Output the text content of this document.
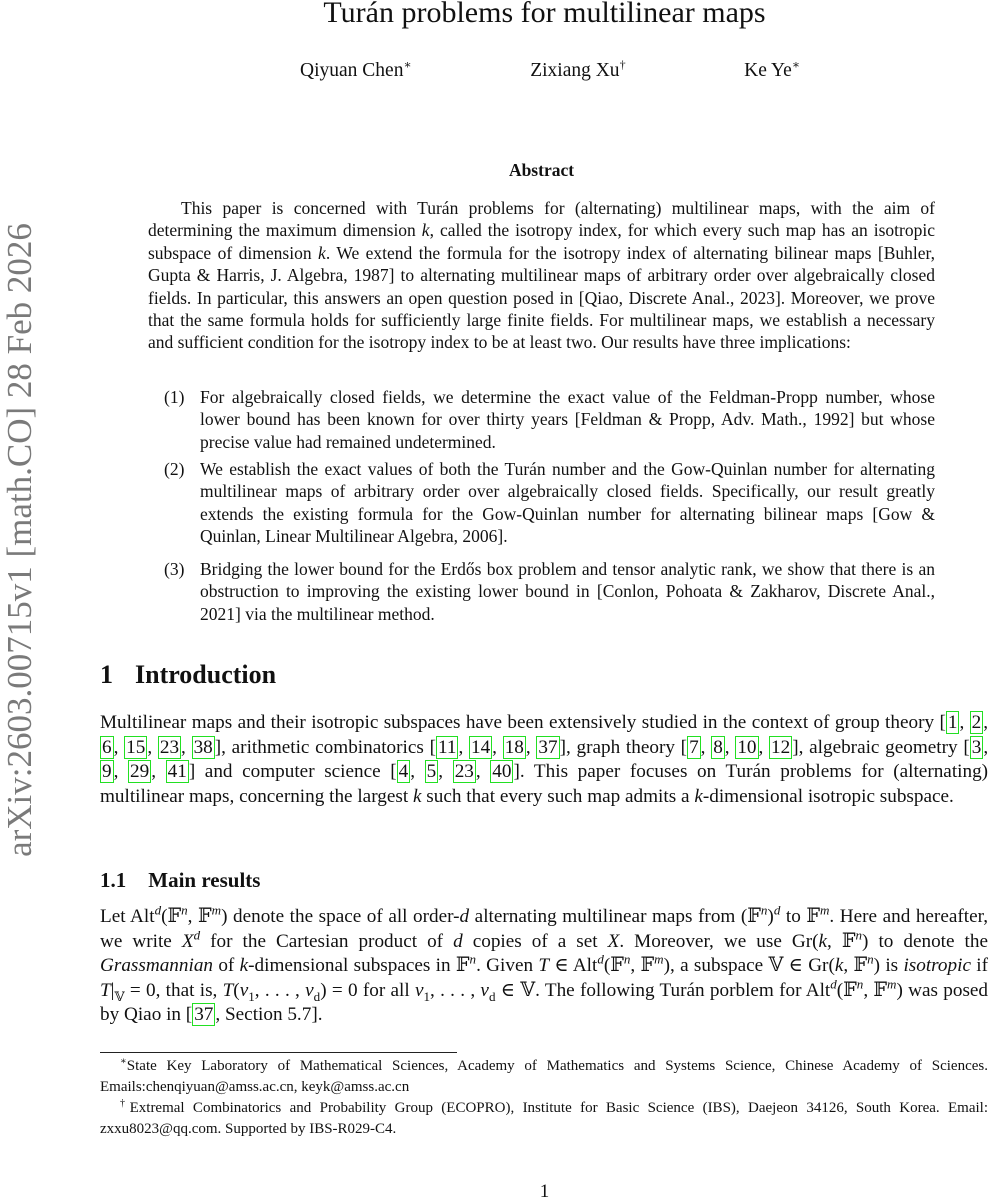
arXiv:2603.00715v1 [math.CO] 28 Feb 2026
Turán problems for multilinear maps
Qiyuan Chen∗	Zixiang Xu†	Ke Ye∗
Abstract
This paper is concerned with Turán problems for (alternating) multilinear maps, with the aim of determining the maximum dimension k, called the isotropy index, for which every such map has an isotropic subspace of dimension k. We extend the formula for the isotropy index of alternating bilinear maps [Buhler, Gupta & Harris, J. Algebra, 1987] to alternating multilinear maps of arbitrary order over algebraically closed fields. In particular, this answers an open question posed in [Qiao, Discrete Anal., 2023]. Moreover, we prove that the same formula holds for sufficiently large finite fields. For multilinear maps, we establish a necessary and sufficient condition for the isotropy index to be at least two. Our results have three implications:
(1) For algebraically closed fields, we determine the exact value of the Feldman-Propp number, whose lower bound has been known for over thirty years [Feldman & Propp, Adv. Math., 1992] but whose precise value had remained undetermined.
(2) We establish the exact values of both the Turán number and the Gow-Quinlan number for alternating multilinear maps of arbitrary order over algebraically closed fields. Specifically, our result greatly extends the existing formula for the Gow-Quinlan number for alternating bilinear maps [Gow & Quinlan, Linear Multilinear Algebra, 2006].
(3) Bridging the lower bound for the Erdős box problem and tensor analytic rank, we show that there is an obstruction to improving the existing lower bound in [Conlon, Pohoata & Zakharov, Discrete Anal., 2021] via the multilinear method.
1 Introduction
Multilinear maps and their isotropic subspaces have been extensively studied in the context of group theory [ 1 , 2 , 6 , 15 , 23 , 38 ], arithmetic combinatorics [ 11 , 14 , 18 , 37 ], graph theory [ 7 , 8 , 10 , 12 ], algebraic geometry [ 3 , 9 , 29 , 41 ] and computer science [ 4 , 5 , 23 , 40 ]. This paper focuses on Turán problems for (alternating) multilinear maps, concerning the largest k such that every such map admits a k-dimensional isotropic subspace.
1.1 Main results
Let Alt$^d$(𝔽$^n$, 𝔽$^m$) denote the space of all order-d alternating multilinear maps from (𝔽$^n$)$^d$ to 𝔽$^m$. Here and hereafter, we write $X^d$ for the Cartesian product of d copies of a set X. Moreover, we use Gr(k, 𝔽$^n$) to denote the Grassmannian of k-dimensional subspaces in 𝔽$^n$. Given T ∈ Alt$^d$(𝔽$^n$, 𝔽$^m$), a subspace 𝕍 ∈ Gr(k, 𝔽$^n$) is isotropic if $T|_𝕍 = 0$, that is, $T(v_1$, . . . , $v_d) = 0$ for all $v_1$, . . . , $v_d$ ∈ 𝕍. The following Turán porblem for Alt$^d$(𝔽$^n$, 𝔽$^m$) was posed by Qiao in [ 37 , Section 5.7].
∗State Key Laboratory of Mathematical Sciences, Academy of Mathematics and Systems Science, Chinese Academy of Sciences. Emails:chenqiyuan@amss.ac.cn, keyk@amss.ac.cn
†Extremal Combinatorics and Probability Group (ECOPRO), Institute for Basic Science (IBS), Daejeon 34126, South Korea. Email: zxxu8023@qq.com. Supported by IBS-R029-C4.
1
